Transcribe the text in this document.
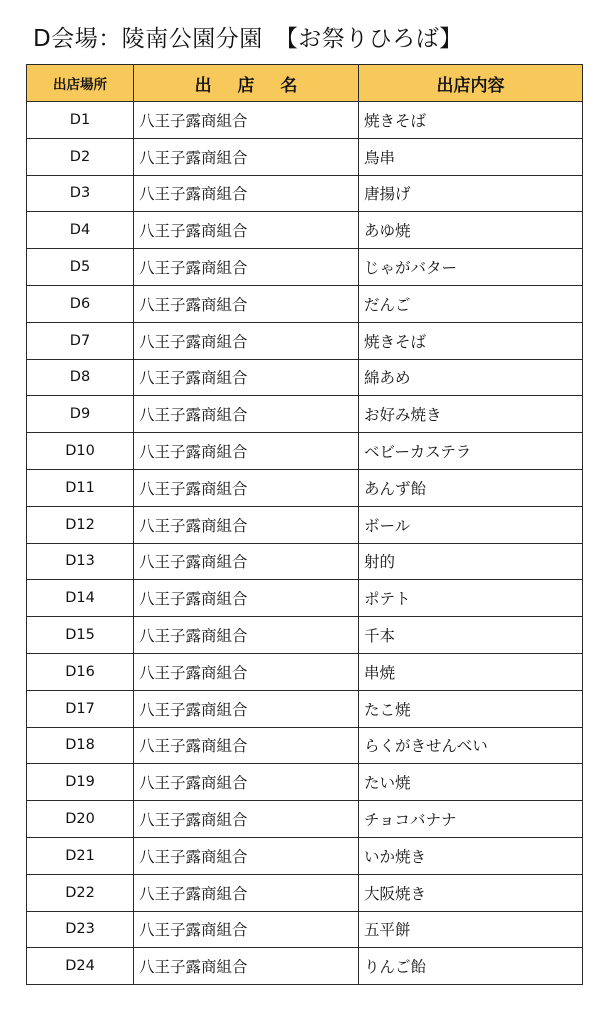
D会場：陵南公園分園　【お祭りひろば】
出店場所	出 店 名	出店内容
D1	八王子露商組合	焼きそば
D2	八王子露商組合	鳥串
D3	八王子露商組合	唐揚げ
D4	八王子露商組合	あゆ焼
D5	八王子露商組合	じゃがバター
D6	八王子露商組合	だんご
D7	八王子露商組合	焼きそば
D8	八王子露商組合	綿あめ
D9	八王子露商組合	お好み焼き
D10	八王子露商組合	ベビーカステラ
D11	八王子露商組合	あんず飴
D12	八王子露商組合	ボール
D13	八王子露商組合	射的
D14	八王子露商組合	ポテト
D15	八王子露商組合	千本
D16	八王子露商組合	串焼
D17	八王子露商組合	たこ焼
D18	八王子露商組合	らくがきせんべい
D19	八王子露商組合	たい焼
D20	八王子露商組合	チョコバナナ
D21	八王子露商組合	いか焼き
D22	八王子露商組合	大阪焼き
D23	八王子露商組合	五平餅
D24	八王子露商組合	りんご飴
